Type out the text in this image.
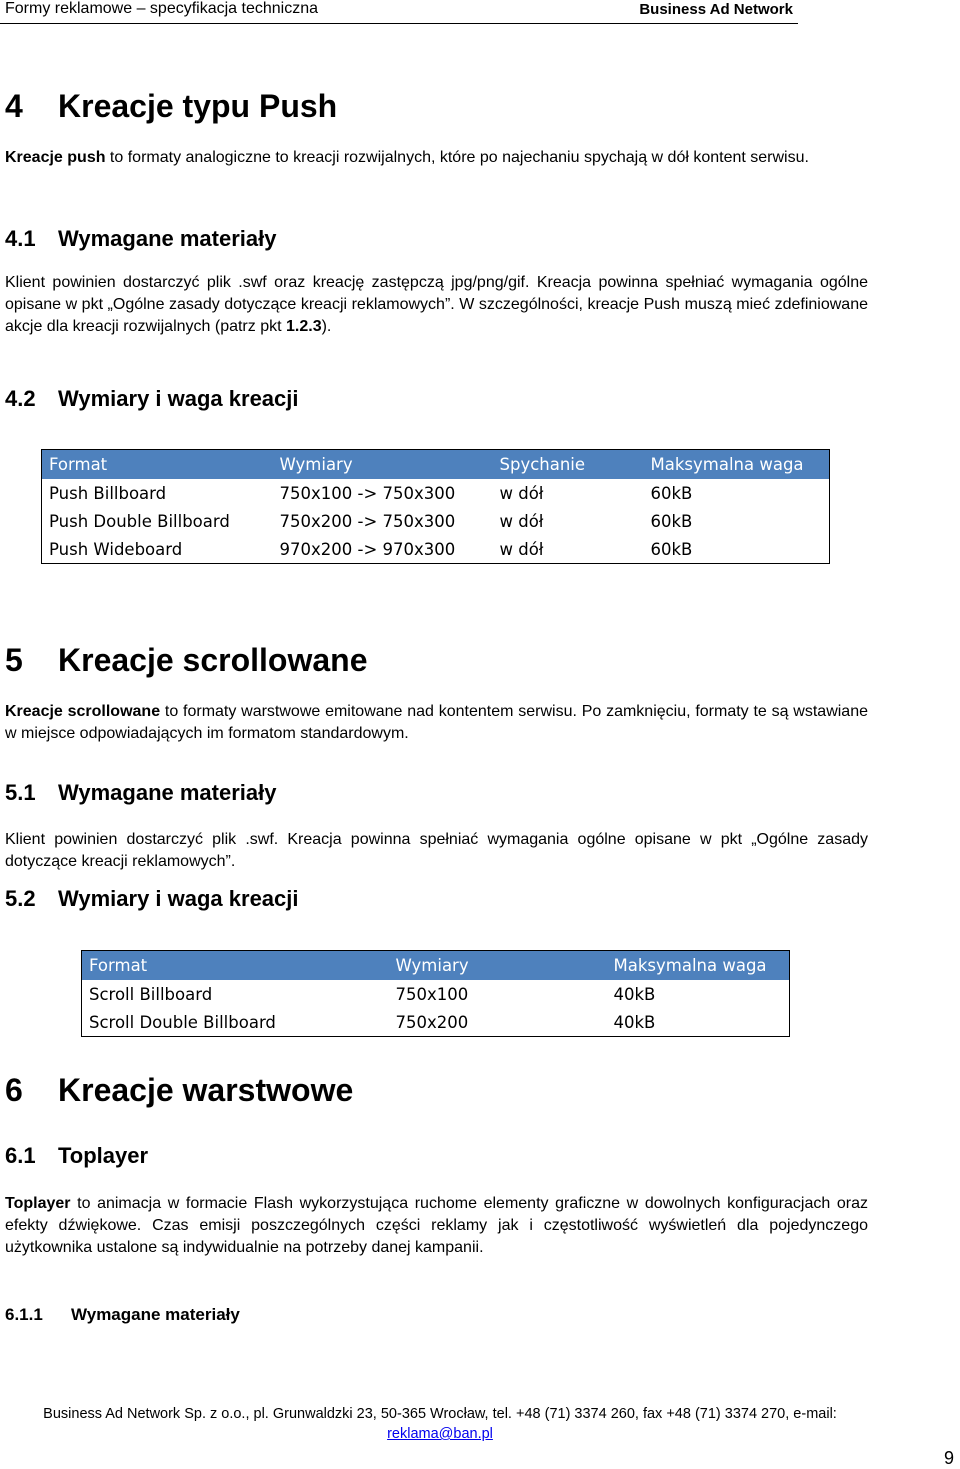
Formy reklamowe – specyfikacja techniczna	Business Ad Network
4 Kreacje typu Push
Kreacje push to formaty analogiczne to kreacji rozwijalnych, które po najechaniu spychają w dół kontent serwisu.
4.1 Wymagane materiały
Klient powinien dostarczyć plik .swf oraz kreację zastępczą jpg/png/gif. Kreacja powinna spełniać wymagania ogólne opisane w pkt „Ogólne zasady dotyczące kreacji reklamowych”. W szczególności, kreacje Push muszą mieć zdefiniowane akcje dla kreacji rozwijalnych (patrz pkt 1.2.3).
4.2 Wymiary i waga kreacji
Format	Wymiary	Spychanie	Maksymalna waga
Push Billboard	750x100 -> 750x300	w dół	60kB
Push Double Billboard	750x200 -> 750x300	w dół	60kB
Push Wideboard	970x200 -> 970x300	w dół	60kB
5 Kreacje scrollowane
Kreacje scrollowane to formaty warstwowe emitowane nad kontentem serwisu. Po zamknięciu, formaty te są wstawiane w miejsce odpowiadających im formatom standardowym.
5.1 Wymagane materiały
Klient powinien dostarczyć plik .swf. Kreacja powinna spełniać wymagania ogólne opisane w pkt „Ogólne zasady dotyczące kreacji reklamowych”.
5.2 Wymiary i waga kreacji
Format	Wymiary	Maksymalna waga
Scroll Billboard	750x100	40kB
Scroll Double Billboard	750x200	40kB
6 Kreacje warstwowe
6.1 Toplayer
Toplayer to animacja w formacie Flash wykorzystująca ruchome elementy graficzne w dowolnych konfiguracjach oraz efekty dźwiękowe. Czas emisji poszczególnych części reklamy jak i częstotliwość wyświetleń dla pojedynczego użytkownika ustalone są indywidualnie na potrzeby danej kampanii.
6.1.1 Wymagane materiały
Business Ad Network Sp. z o.o., pl. Grunwaldzki 23, 50-365 Wrocław, tel. +48 (71) 3374 260, fax +48 (71) 3374 270, e-mail:
reklama@ban.pl
9
